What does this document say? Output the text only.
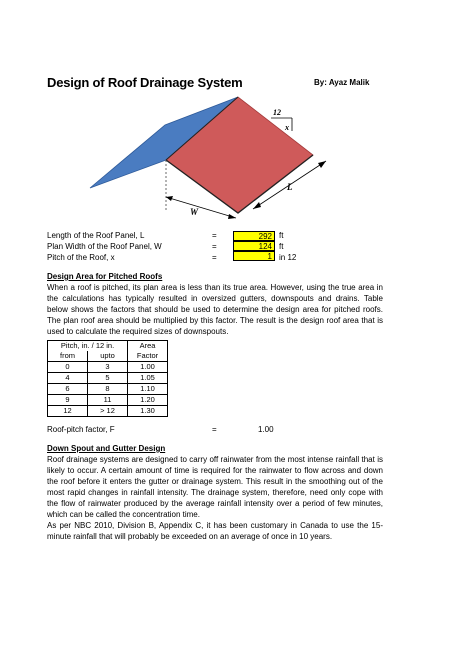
Design of Roof Drainage System	By: Ayaz Malik
12
x
L
W
Length of the Roof Panel, L	=	292 ft
Plan Width of the Roof Panel, W	=	124 ft
Pitch of the Roof, x	=	1 in 12
Design Area for Pitched Roofs

When a roof is pitched, its plan area is less than its true area. However, using the true area in the calculations has typically resulted in oversized gutters, downspouts and drains. Table below shows the factors that should be used to determine the design area for pitched roofs. The plan roof area should be multiplied by this factor. The result is the design roof area that is used to calculate the required sizes of downspouts.

Pitch, in. / 12 in.		Area
from	upto	Factor
0	3	1.00
4	5	1.05
6	8	1.10
9	11	1.20
12	> 12	1.30
Roof-pitch factor, F	=	1.00
Down Spout and Gutter Design

Roof drainage systems are designed to carry off rainwater from the most intense rainfall that is likely to occur. A certain amount of time is required for the rainwater to flow across and down the roof before it enters the gutter or drainage system. This result in the smoothing out of the most rapid changes in rainfall intensity. The drainage system, therefore, need only cope with the flow of rainwater produced by the average rainfall intensity over a period of few minutes, which can be called the concentration time.

As per NBC 2010, Division B, Appendix C, it has been customary in Canada to use the 15-minute rainfall that will probably be exceeded on an average of once in 10 years.
